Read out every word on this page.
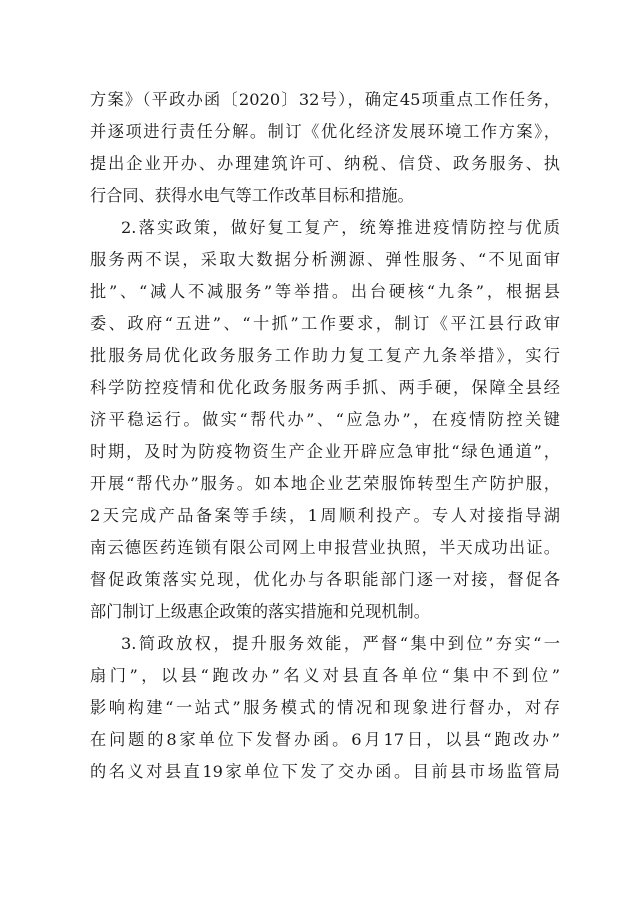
方案》（平政办函〔2020〕32号），确定45项重点工作任务，
并逐项进行责任分解。制订《优化经济发展环境工作方案》，
提出企业开办、办理建筑许可、纳税、信贷、政务服务、执
行合同、获得水电气等工作改革目标和措施。
2.落实政策，做好复工复产，统筹推进疫情防控与优质
服务两不误，采取大数据分析溯源、弹性服务、“不见面审
批”、“减人不减服务”等举措。出台硬核“九条”，根据县
委、政府“五进”、“十抓”工作要求，制订《平江县行政审
批服务局优化政务服务工作助力复工复产九条举措》，实行
科学防控疫情和优化政务服务两手抓、两手硬，保障全县经
济平稳运行。做实“帮代办”、“应急办”，在疫情防控关键
时期，及时为防疫物资生产企业开辟应急审批“绿色通道”，
开展“帮代办”服务。如本地企业艺荣服饰转型生产防护服，
2天完成产品备案等手续，1周顺利投产。专人对接指导湖
南云德医药连锁有限公司网上申报营业执照，半天成功出证。
督促政策落实兑现，优化办与各职能部门逐一对接，督促各
部门制订上级惠企政策的落实措施和兑现机制。
3.简政放权，提升服务效能，严督“集中到位”夯实“一
扇门”，以县“跑改办”名义对县直各单位“集中不到位”
影响构建“一站式”服务模式的情况和现象进行督办，对存
在问题的8家单位下发督办函。6月17日，以县“跑改办”
的名义对县直19家单位下发了交办函。目前县市场监管局
